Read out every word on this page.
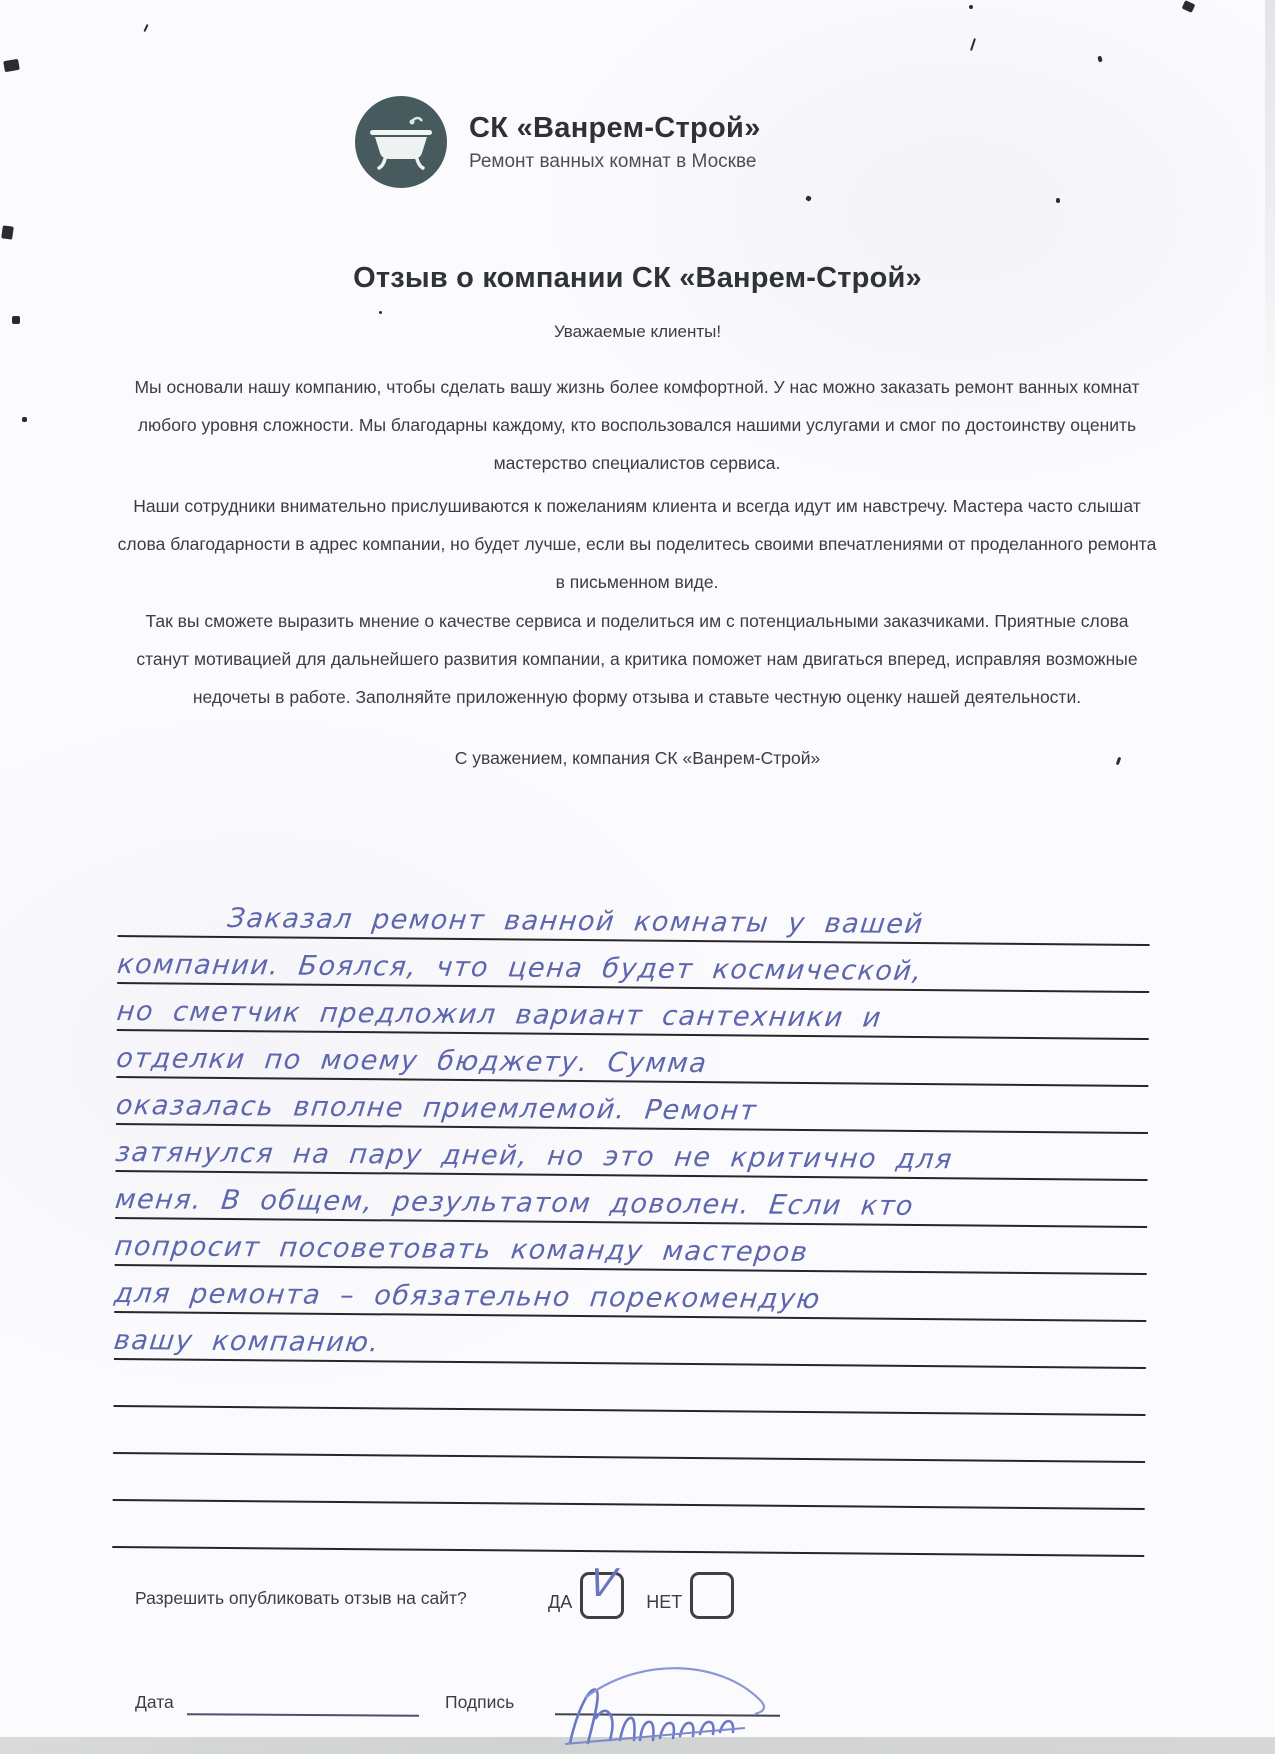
СК «Ванрем-Строй»
Ремонт ванных комнат в Москве
Отзыв о компании СК «Ванрем-Строй»
Уважаемые клиенты!
Мы основали нашу компанию, чтобы сделать вашу жизнь более комфортной. У нас можно заказать ремонт ванных комнат любого уровня сложности. Мы благодарны каждому, кто воспользовался нашими услугами и смог по достоинству оценить мастерство специалистов сервиса.
Наши сотрудники внимательно прислушиваются к пожеланиям клиента и всегда идут им навстречу. Мастера часто слышат слова благодарности в адрес компании, но будет лучше, если вы поделитесь своими впечатлениями от проделанного ремонта в письменном виде.
Так вы сможете выразить мнение о качестве сервиса и поделиться им с потенциальными заказчиками. Приятные слова станут мотивацией для дальнейшего развития компании, а критика поможет нам двигаться вперед, исправляя возможные недочеты в работе. Заполняйте приложенную форму отзыва и ставьте честную оценку нашей деятельности.
С уважением, компания СК «Ванрем-Строй»
Заказал ремонт ванной комнаты у вашей
компании. Боялся, что цена будет космической,
но сметчик предложил вариант сантехники и
отделки по моему бюджету. Сумма
оказалась вполне приемлемой. Ремонт
затянулся на пару дней, но это не критично для
меня. В общем, результатом доволен. Если кто
попросит посоветовать команду мастеров
для ремонта – обязательно порекомендую
вашу компанию.
Разрешить опубликовать отзыв на сайт?	ДА V НЕТ
Дата	Подпись
